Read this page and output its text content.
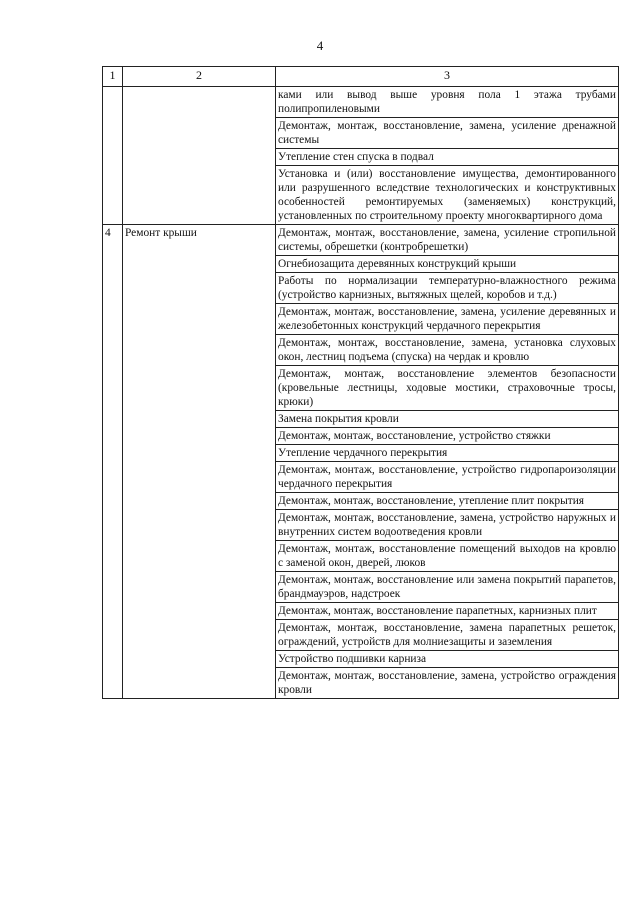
4
1	2	3
		ками или вывод выше уровня пола 1 этажа трубами полипропиленовыми
		Демонтаж, монтаж, восстановление, замена, усиление дренажной системы
		Утепление стен спуска в подвал
		Установка и (или) восстановление имущества, демонтированного или разрушенного вследствие технологических и конструктивных особенностей ремонтируемых (заменяемых) конструкций, установленных по строительному проекту многоквартирного дома
4	Ремонт крыши	Демонтаж, монтаж, восстановление, замена, усиление стропильной системы, обрешетки (контробрешетки)
		Огнебиозащита деревянных конструкций крыши
		Работы по нормализации температурно-влажностного режима (устройство карнизных, вытяжных щелей, коробов и т.д.)
		Демонтаж, монтаж, восстановление, замена, усиление деревянных и железобетонных конструкций чердачного перекрытия
		Демонтаж, монтаж, восстановление, замена, установка слуховых окон, лестниц подъема (спуска) на чердак и кровлю
		Демонтаж, монтаж, восстановление элементов безопасности (кровельные лестницы, ходовые мостики, страховочные тросы, крюки)
		Замена покрытия кровли
		Демонтаж, монтаж, восстановление, устройство стяжки
		Утепление чердачного перекрытия
		Демонтаж, монтаж, восстановление, устройство гидропароизоляции чердачного перекрытия
		Демонтаж, монтаж, восстановление, утепление плит покрытия
		Демонтаж, монтаж, восстановление, замена, устройство наружных и внутренних систем водоотведения кровли
		Демонтаж, монтаж, восстановление помещений выходов на кровлю с заменой окон, дверей, люков
		Демонтаж, монтаж, восстановление или замена покрытий парапетов, брандмауэров, надстроек
		Демонтаж, монтаж, восстановление парапетных, карнизных плит
		Демонтаж, монтаж, восстановление, замена парапетных решеток, ограждений, устройств для молниезащиты и заземления
		Устройство подшивки карниза
		Демонтаж, монтаж, восстановление, замена, устройство ограждения кровли
